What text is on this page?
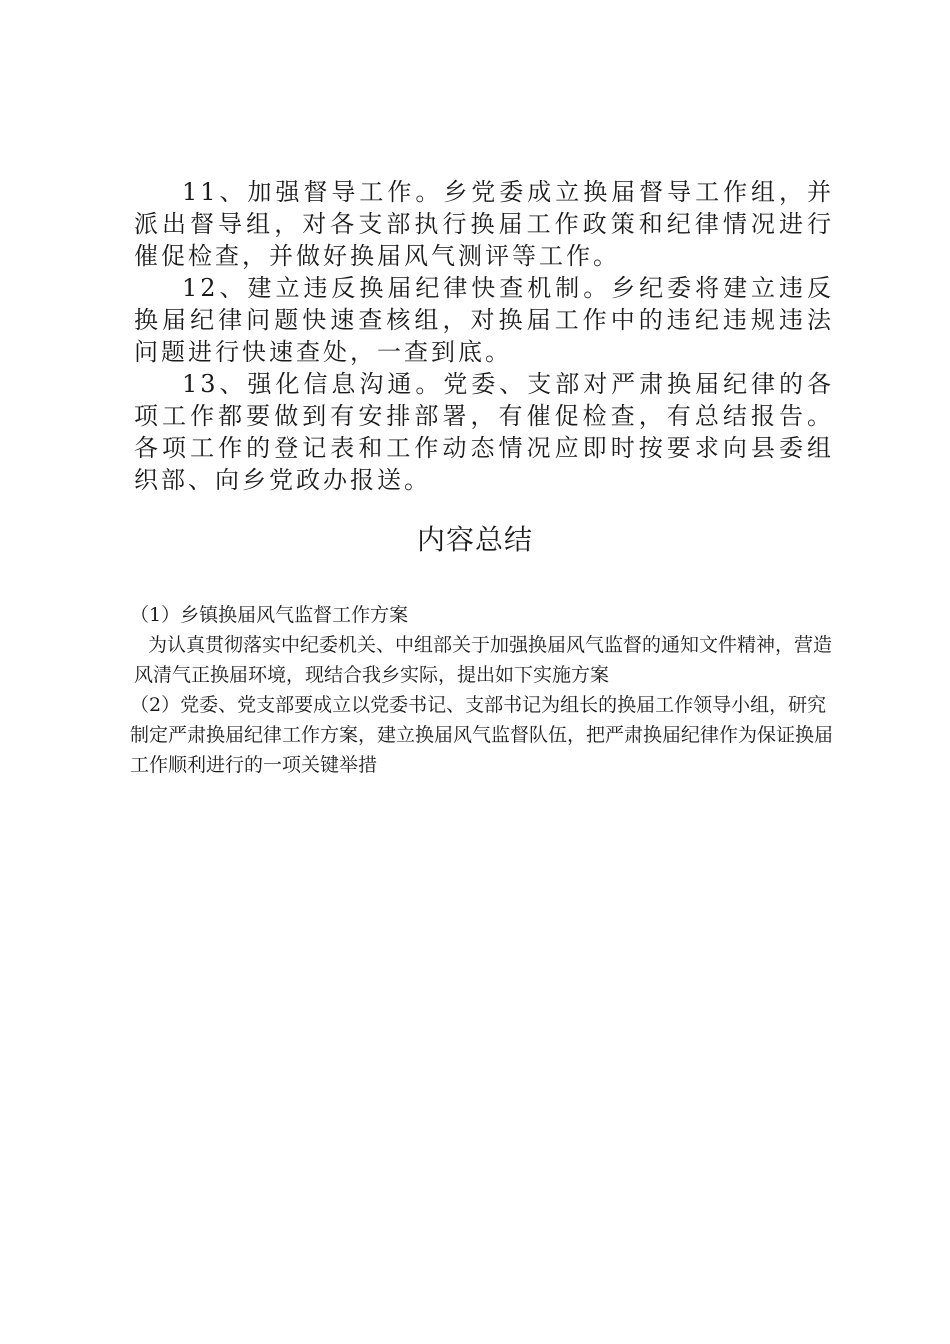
11、加强督导工作。乡党委成立换届督导工作组，并派出督导组，对各支部执行换届工作政策和纪律情况进行催促检查，并做好换届风气测评等工作。

12、建立违反换届纪律快查机制。乡纪委将建立违反换届纪律问题快速查核组，对换届工作中的违纪违规违法问题进行快速查处，一查到底。

13、强化信息沟通。党委、支部对严肃换届纪律的各项工作都要做到有安排部署，有催促检查，有总结报告。各项工作的登记表和工作动态情况应即时按要求向县委组织部、向乡党政办报送。

内容总结

（1）乡镇换届风气监督工作方案

为认真贯彻落实中纪委机关、中组部关于加强换届风气监督的通知文件精神，营造风清气正换届环境，现结合我乡实际，提出如下实施方案

（2）党委、党支部要成立以党委书记、支部书记为组长的换届工作领导小组，研究制定严肃换届纪律工作方案，建立换届风气监督队伍，把严肃换届纪律作为保证换届工作顺利进行的一项关键举措
